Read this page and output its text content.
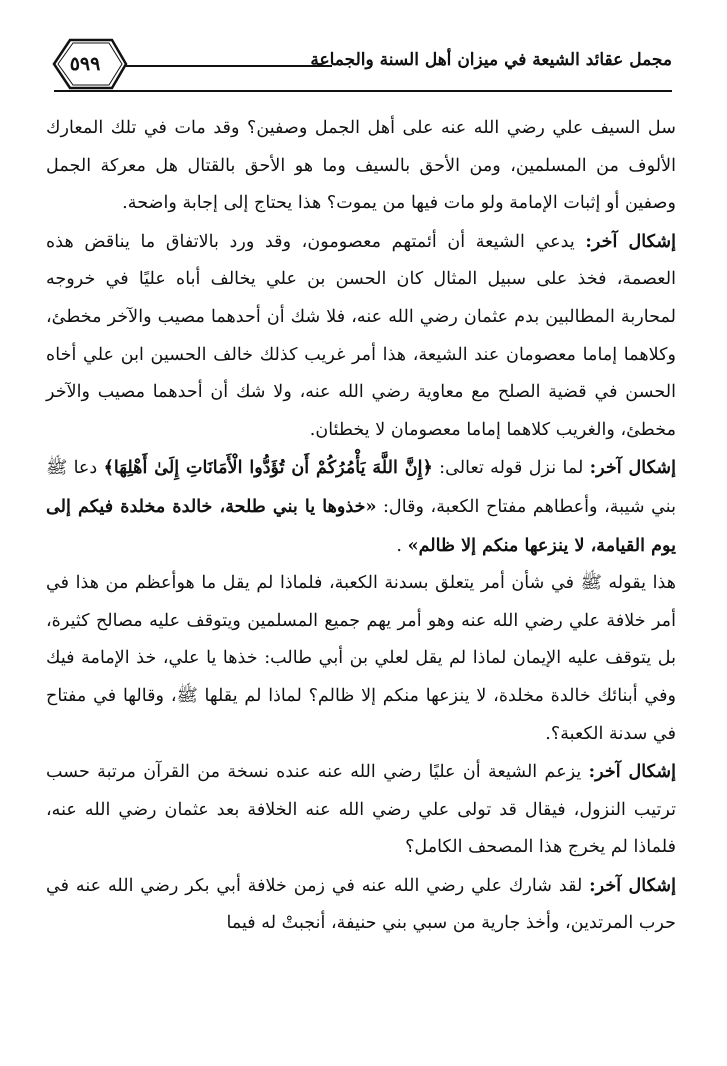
مجمل عقائد الشيعة في ميزان أهل السنة والجماعة
٥٩٩

سل السيف علي رضي الله عنه على أهل الجمل وصفين؟ وقد مات في تلك المعارك الألوف من المسلمين، ومن الأحق بالسيف وما هو الأحق بالقتال هل معركة الجمل وصفين أو إثبات الإمامة ولو مات فيها من يموت؟ هذا يحتاج إلى إجابة واضحة.

إشكال آخر: يدعي الشيعة أن أئمتهم معصومون، وقد ورد بالاتفاق ما يناقض هذه العصمة، فخذ على سبيل المثال كان الحسن بن علي يخالف أباه عليًا في خروجه لمحاربة المطالبين بدم عثمان رضي الله عنه، فلا شك أن أحدهما مصيب والآخر مخطئ، وكلاهما إماما معصومان عند الشيعة، هذا أمر غريب كذلك خالف الحسين ابن علي أخاه الحسن في قضية الصلح مع معاوية رضي الله عنه، ولا شك أن أحدهما مصيب والآخر مخطئ، والغريب كلاهما إماما معصومان لا يخطئان.

إشكال آخر: لما نزل قوله تعالى: ﴿إِنَّ اللَّهَ يَأْمُرُكُمْ أَن تُؤَدُّوا الْأَمَانَاتِ إِلَىٰ أَهْلِهَا﴾ دعا ﷺ بني شيبة، وأعطاهم مفتاح الكعبة، وقال: «خذوها يا بني طلحة، خالدة مخلدة فيكم إلى يوم القيامة، لا ينزعها منكم إلا ظالم» .

هذا يقوله ﷺ في شأن أمر يتعلق بسدنة الكعبة، فلماذا لم يقل ما هوأعظم من هذا في أمر خلافة علي رضي الله عنه وهو أمر يهم جميع المسلمين ويتوقف عليه مصالح كثيرة، بل يتوقف عليه الإيمان لماذا لم يقل لعلي بن أبي طالب: خذها يا علي، خذ الإمامة فيك وفي أبنائك خالدة مخلدة، لا ينزعها منكم إلا ظالم؟ لماذا لم يقلها ﷺ، وقالها في مفتاح في سدنة الكعبة؟.

إشكال آخر: يزعم الشيعة أن عليًا رضي الله عنه عنده نسخة من القرآن مرتبة حسب ترتيب النزول، فيقال قد تولى علي رضي الله عنه الخلافة بعد عثمان رضي الله عنه، فلماذا لم يخرج هذا المصحف الكامل؟

إشكال آخر: لقد شارك علي رضي الله عنه في زمن خلافة أبي بكر رضي الله عنه في حرب المرتدين، وأخذ جارية من سبي بني حنيفة، أنجبتْ له فيما
